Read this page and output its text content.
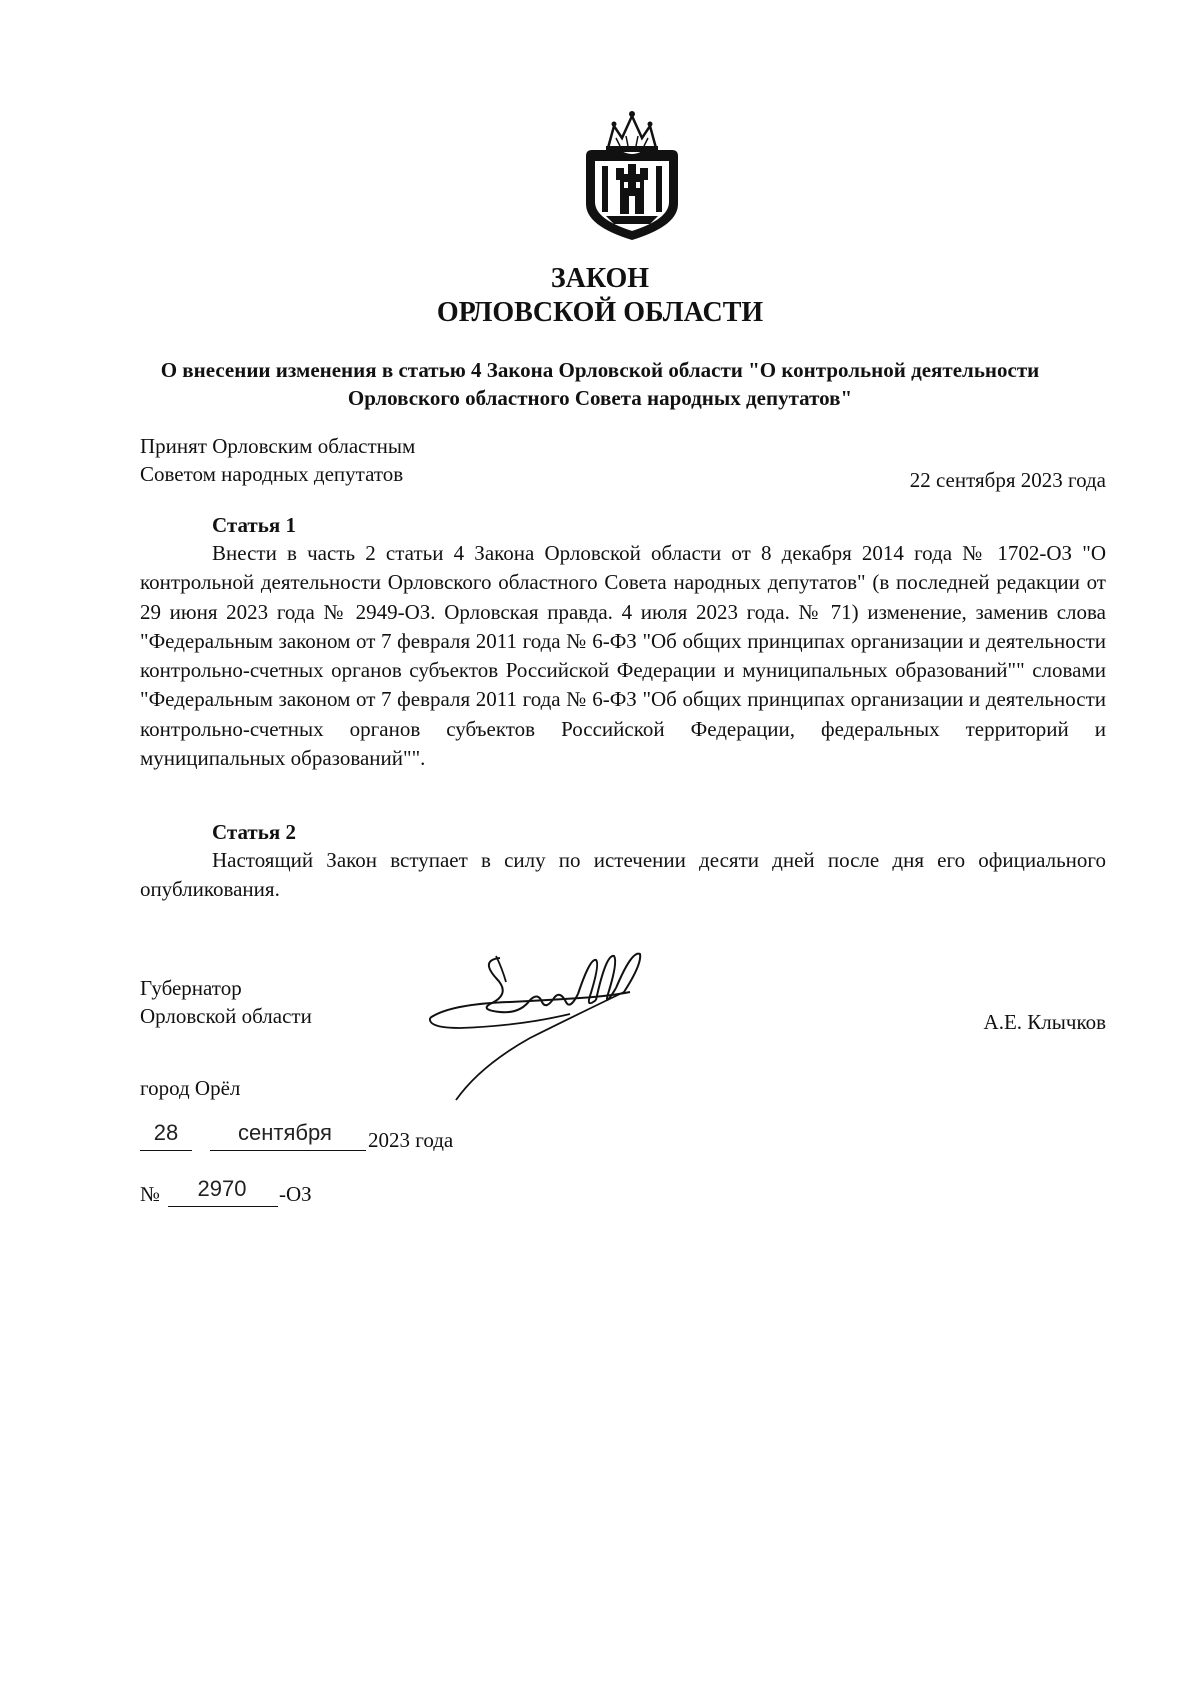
ЗАКОН
ОРЛОВСКОЙ ОБЛАСТИ
О внесении изменения в статью 4 Закона Орловской области "О контрольной деятельности Орловского областного Совета народных депутатов"
Принят Орловским областным
Советом народных депутатов	22 сентября 2023 года
Статья 1
Внести в часть 2 статьи 4 Закона Орловской области от 8 декабря 2014 года № 1702-ОЗ "О контрольной деятельности Орловского областного Совета народных депутатов" (в последней редакции от 29 июня 2023 года № 2949-ОЗ. Орловская правда. 4 июля 2023 года. № 71) изменение, заменив слова "Федеральным законом от 7 февраля 2011 года № 6-ФЗ "Об общих принципах организации и деятельности контрольно-счетных органов субъектов Российской Федерации и муниципальных образований"" словами "Федеральным законом от 7 февраля 2011 года № 6-ФЗ "Об общих принципах организации и деятельности контрольно-счетных органов субъектов Российской Федерации, федеральных территорий и муниципальных образований"".
Статья 2
Настоящий Закон вступает в силу по истечении десяти дней после дня его официального опубликования.
Губернатор
Орловской области	А.Е. Клычков
город Орёл
28	сентября	2023 года
№	2970	-ОЗ
